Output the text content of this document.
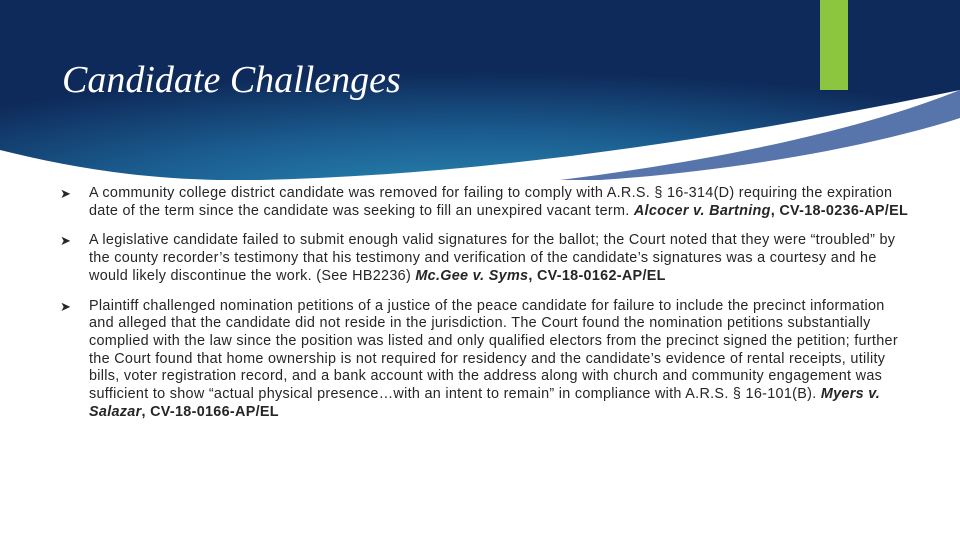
Candidate Challenges
➤ A community college district candidate was removed for failing to comply with A.R.S. § 16-314(D) requiring the expiration date of the term since the candidate was seeking to fill an unexpired vacant term. Alcocer v. Bartning, CV-18-0236-AP/EL
➤ A legislative candidate failed to submit enough valid signatures for the ballot; the Court noted that they were “troubled” by the county recorder’s testimony that his testimony and verification of the candidate’s signatures was a courtesy and he would likely discontinue the work. (See HB2236) Mc.Gee v. Syms, CV-18-0162-AP/EL
➤ Plaintiff challenged nomination petitions of a justice of the peace candidate for failure to include the precinct information and alleged that the candidate did not reside in the jurisdiction. The Court found the nomination petitions substantially complied with the law since the position was listed and only qualified electors from the precinct signed the petition; further the Court found that home ownership is not required for residency and the candidate’s evidence of rental receipts, utility bills, voter registration record, and a bank account with the address along with church and community engagement was sufficient to show “actual physical presence…with an intent to remain” in compliance with A.R.S. § 16-101(B). Myers v. Salazar, CV-18-0166-AP/EL
